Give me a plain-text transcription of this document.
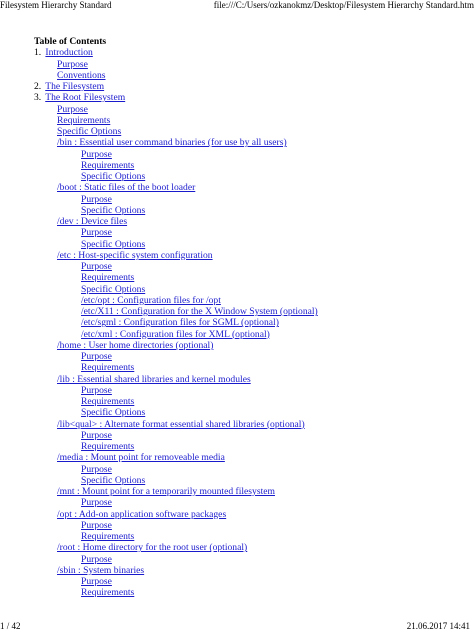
Filesystem Hierarchy Standard	file:///C:/Users/ozkanokmz/Desktop/Filesystem Hierarchy Standard.htm
Table of Contents
1. Introduction
Purpose
Conventions
2. The Filesystem
3. The Root Filesystem
Purpose
Requirements
Specific Options
/bin : Essential user command binaries (for use by all users)
Purpose
Requirements
Specific Options
/boot : Static files of the boot loader
Purpose
Specific Options
/dev : Device files
Purpose
Specific Options
/etc : Host-specific system configuration
Purpose
Requirements
Specific Options
/etc/opt : Configuration files for /opt
/etc/X11 : Configuration for the X Window System (optional)
/etc/sgml : Configuration files for SGML (optional)
/etc/xml : Configuration files for XML (optional)
/home : User home directories (optional)
Purpose
Requirements
/lib : Essential shared libraries and kernel modules
Purpose
Requirements
Specific Options
/lib<qual> : Alternate format essential shared libraries (optional)
Purpose
Requirements
/media : Mount point for removeable media
Purpose
Specific Options
/mnt : Mount point for a temporarily mounted filesystem
Purpose
/opt : Add-on application software packages
Purpose
Requirements
/root : Home directory for the root user (optional)
Purpose
/sbin : System binaries
Purpose
Requirements
1 / 42	21.06.2017 14:41
